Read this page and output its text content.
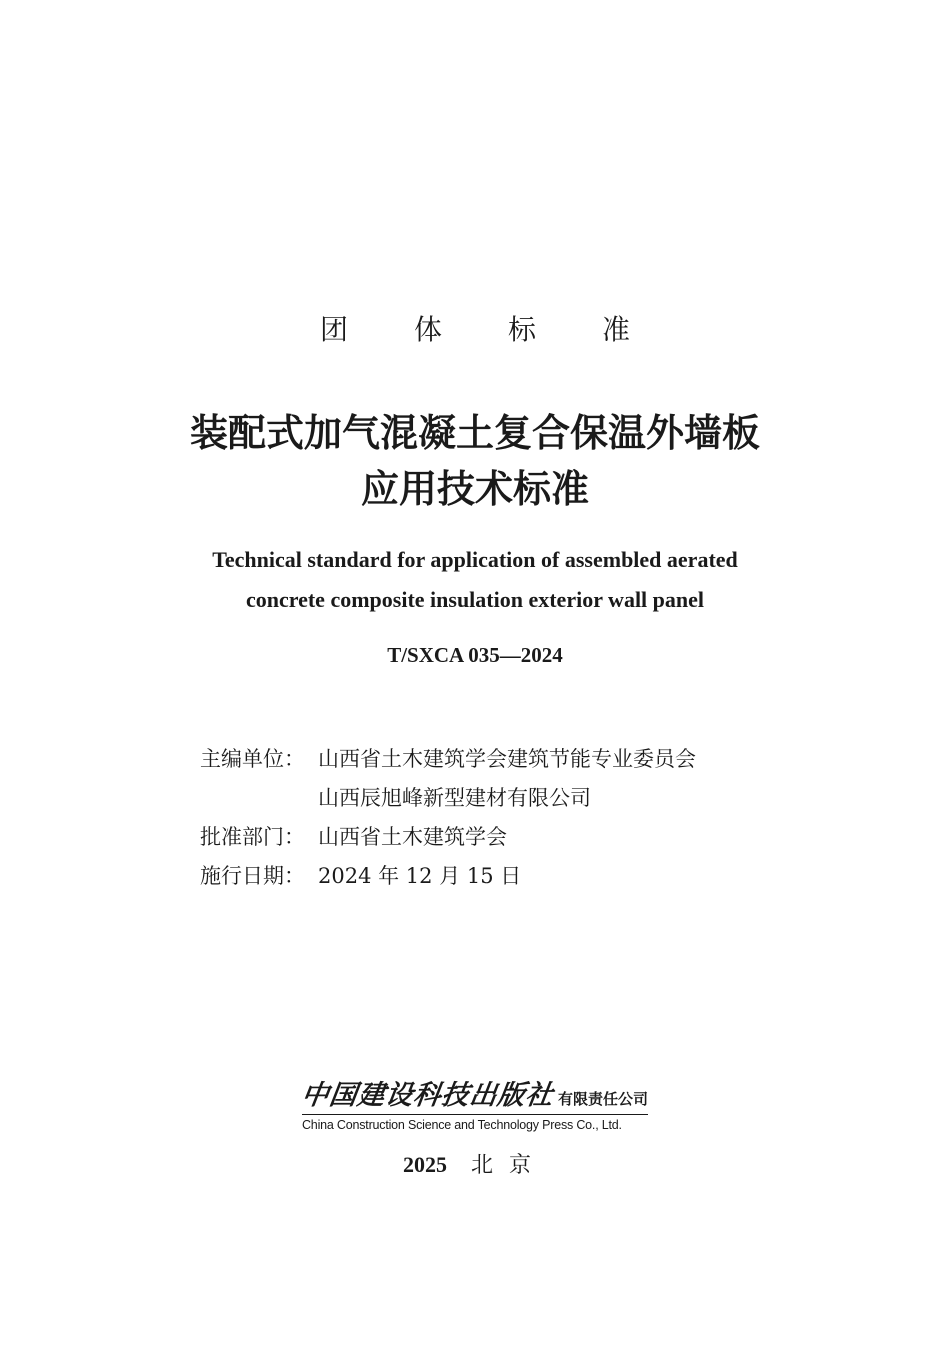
团 体 标 准
装配式加气混凝土复合保温外墙板
应用技术标准
Technical standard for application of assembled aerated
concrete composite insulation exterior wall panel
T/SXCA 035—2024
主编单位： 山西省土木建筑学会建筑节能专业委员会
山西辰旭峰新型建材有限公司
批准部门： 山西省土木建筑学会
施行日期： 2024 年 12 月 15 日
中国建设科技出版社 有限责任公司
China Construction Science and Technology Press Co., Ltd.
2025 北京
